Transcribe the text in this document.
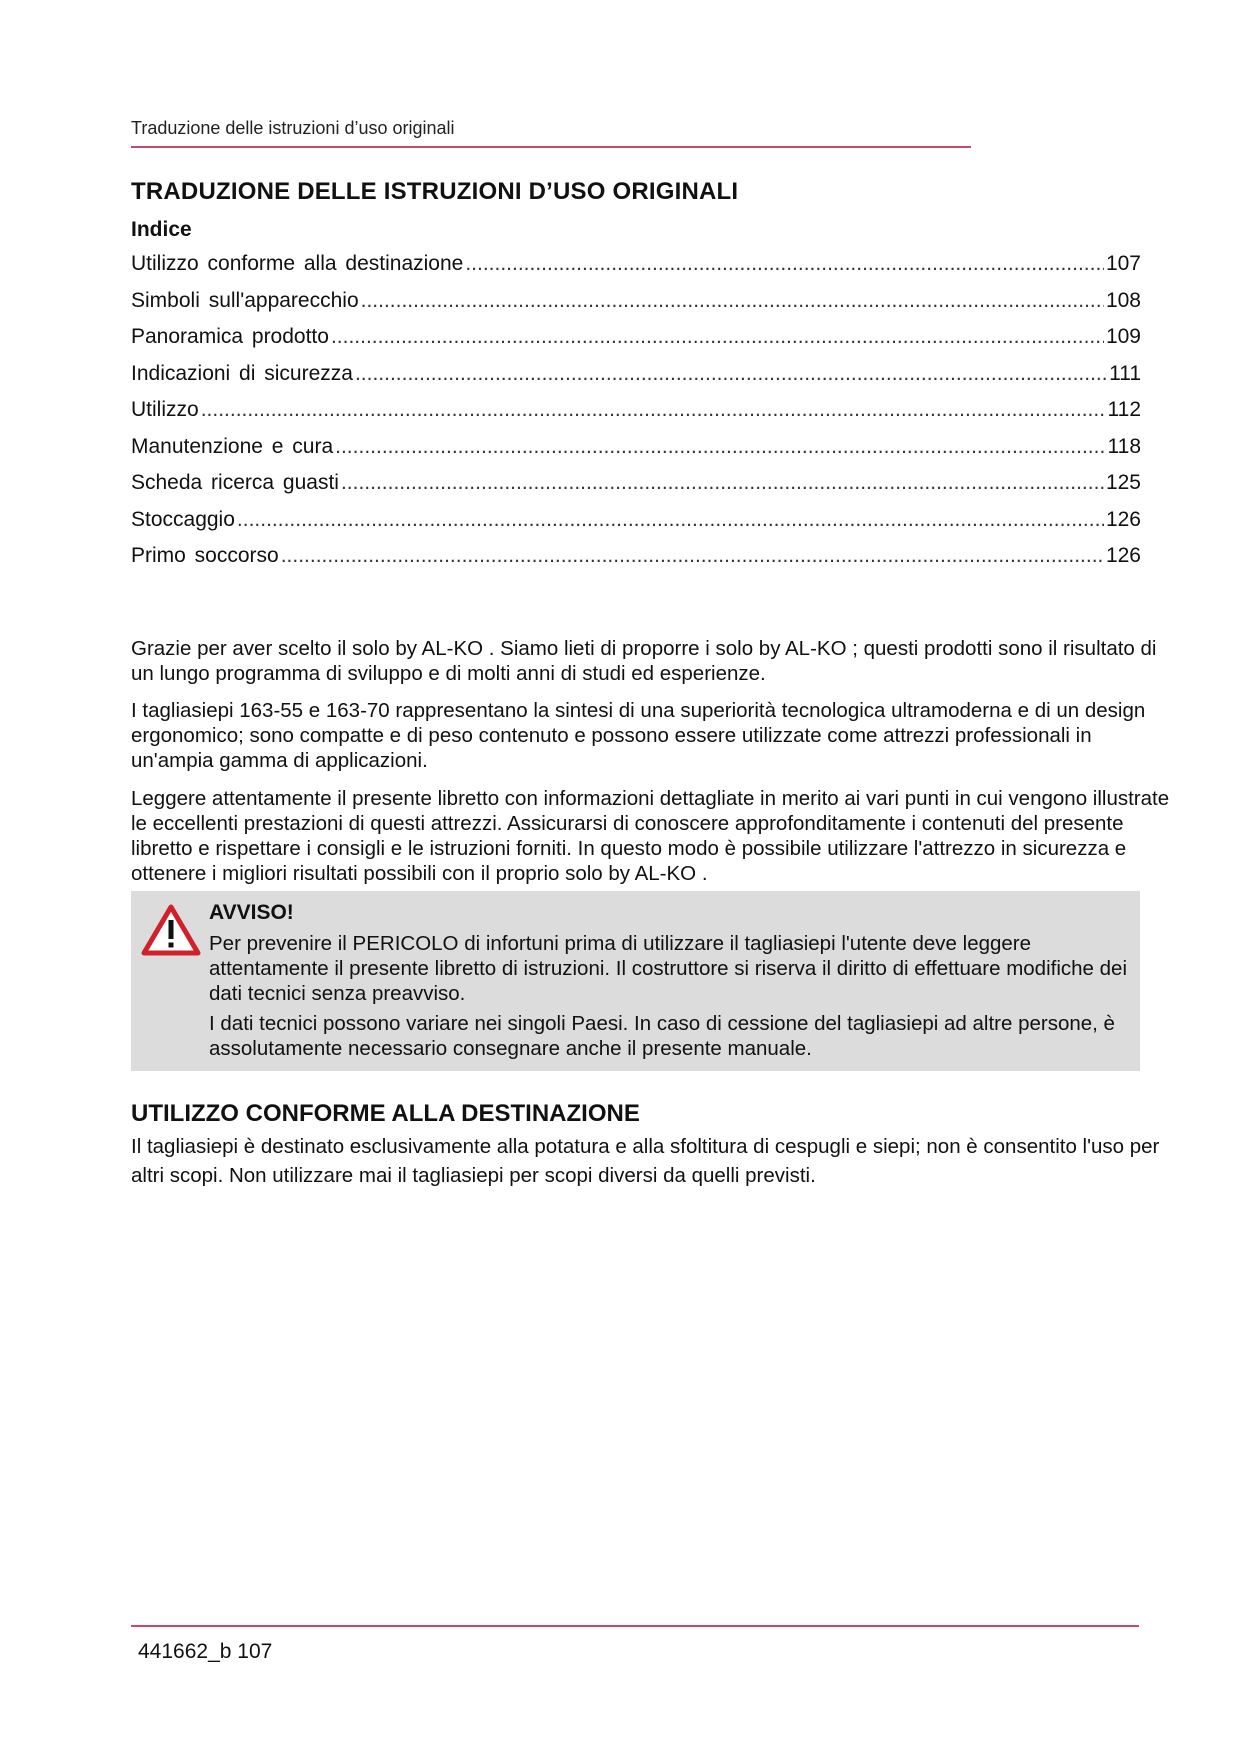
Traduzione delle istruzioni d’uso originali
TRADUZIONE DELLE ISTRUZIONI D’USO ORIGINALI
Indice
Utilizzo conforme alla destinazione .....	107
Simboli sull'apparecchio .....	108
Panoramica prodotto .....	109
Indicazioni di sicurezza .....	111
Utilizzo .....	112
Manutenzione e cura .....	118
Scheda ricerca guasti .....	125
Stoccaggio .....	126
Primo soccorso .....	126
Grazie per aver scelto il solo by AL-KO . Siamo lieti di proporre i solo by AL-KO ; questi prodotti sono il risultato di un lungo programma di sviluppo e di molti anni di studi ed esperienze.
I tagliasiepi 163-55 e 163-70 rappresentano la sintesi di una superiorità tecnologica ultramoderna e di un design ergonomico; sono compatte e di peso contenuto e possono essere utilizzate come attrezzi professionali in un'ampia gamma di applicazioni.
Leggere attentamente il presente libretto con informazioni dettagliate in merito ai vari punti in cui vengono illustrate le eccellenti prestazioni di questi attrezzi. Assicurarsi di conoscere approfonditamente i contenuti del presente libretto e rispettare i consigli e le istruzioni forniti. In questo modo è possibile utilizzare l'attrezzo in sicurezza e ottenere i migliori risultati possibili con il proprio solo by AL-KO .
AVVISO!
Per prevenire il PERICOLO di infortuni prima di utilizzare il tagliasiepi l'utente deve leggere attentamente il presente libretto di istruzioni. Il costruttore si riserva il diritto di effettuare modifiche dei dati tecnici senza preavviso.
I dati tecnici possono variare nei singoli Paesi. In caso di cessione del tagliasiepi ad altre persone, è assolutamente necessario consegnare anche il presente manuale.
UTILIZZO CONFORME ALLA DESTINAZIONE
Il tagliasiepi è destinato esclusivamente alla potatura e alla sfoltitura di cespugli e siepi; non è consentito l'uso per altri scopi. Non utilizzare mai il tagliasiepi per scopi diversi da quelli previsti.
441662_b 107
